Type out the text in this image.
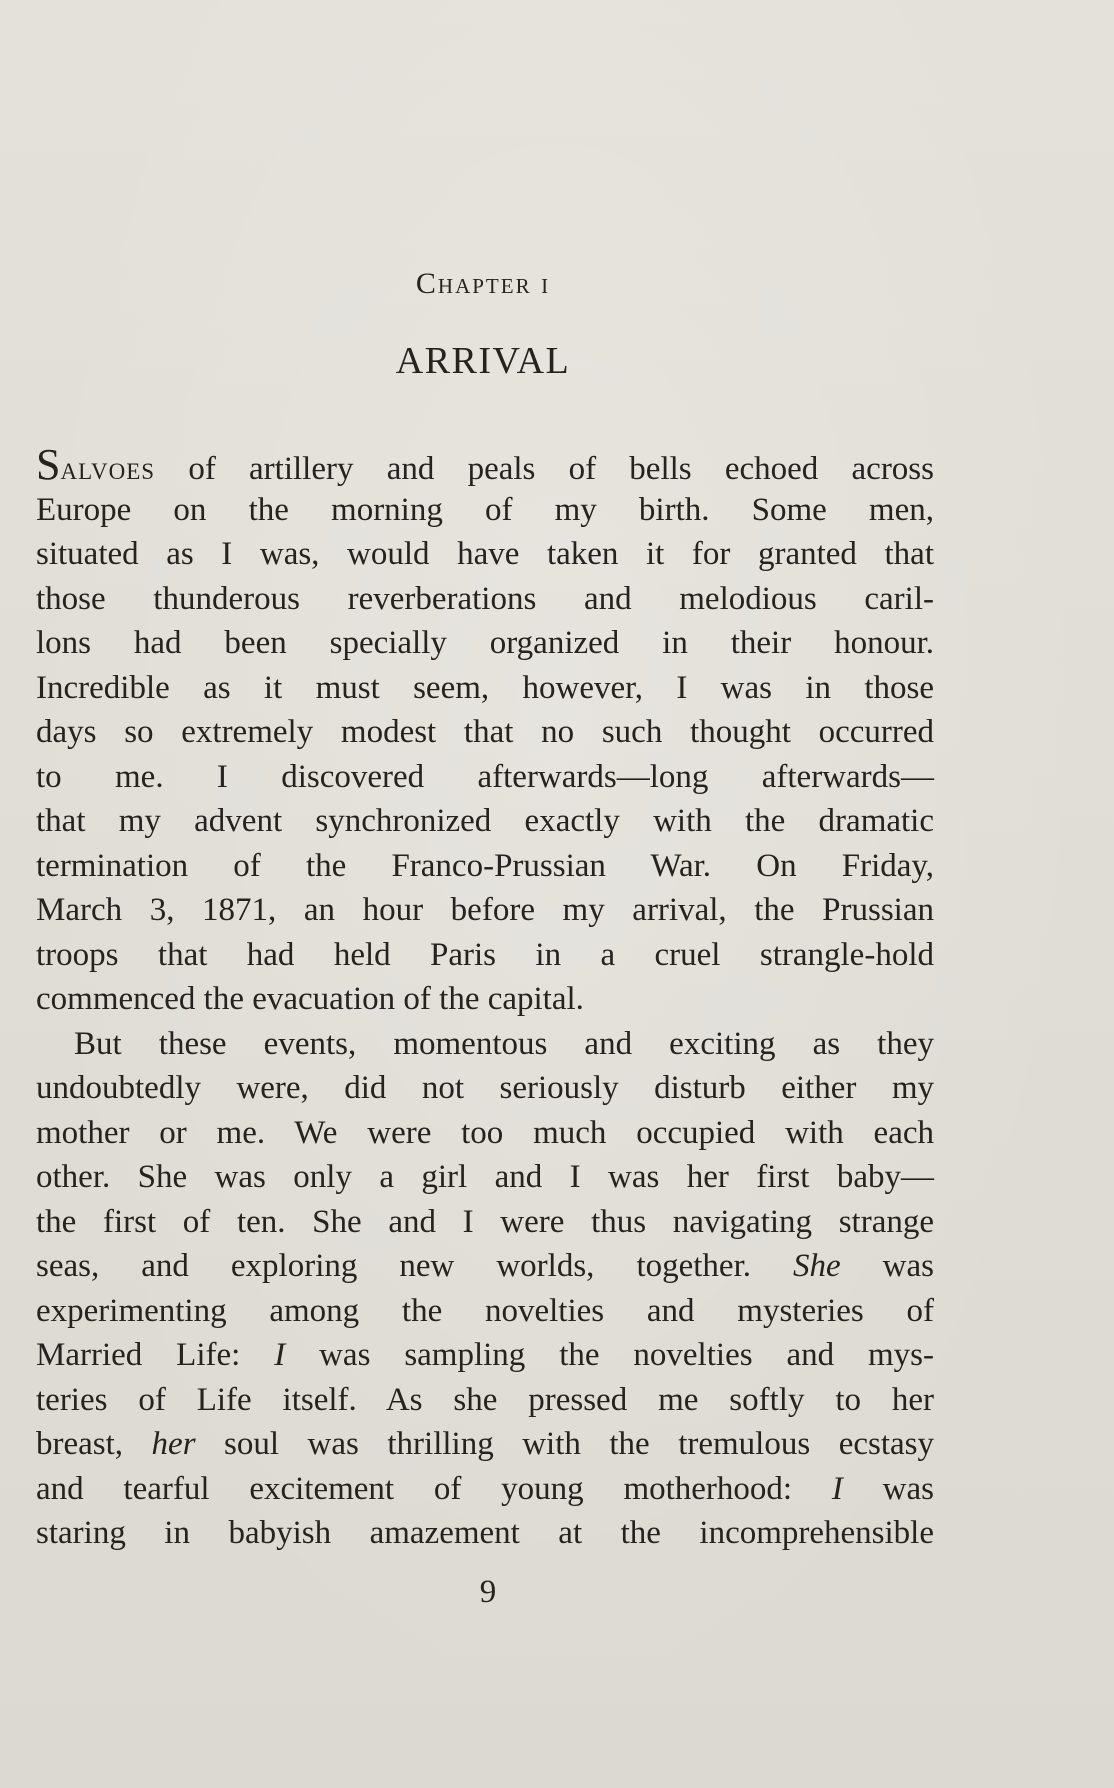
Chapter i
ARRIVAL
Salvoes of artillery and peals of bells echoed across
Europe on the morning of my birth. Some men,
situated as I was, would have taken it for granted that
those thunderous reverberations and melodious caril-
lons had been specially organized in their honour.
Incredible as it must seem, however, I was in those
days so extremely modest that no such thought occurred
to me. I discovered afterwards—long afterwards—
that my advent synchronized exactly with the dramatic
termination of the Franco-Prussian War. On Friday,
March 3, 1871, an hour before my arrival, the Prussian
troops that had held Paris in a cruel strangle-hold
commenced the evacuation of the capital.
But these events, momentous and exciting as they
undoubtedly were, did not seriously disturb either my
mother or me. We were too much occupied with each
other. She was only a girl and I was her first baby—
the first of ten. She and I were thus navigating strange
seas, and exploring new worlds, together. She was
experimenting among the novelties and mysteries of
Married Life: I was sampling the novelties and mys-
teries of Life itself. As she pressed me softly to her
breast, her soul was thrilling with the tremulous ecstasy
and tearful excitement of young motherhood: I was
staring in babyish amazement at the incomprehensible
9
